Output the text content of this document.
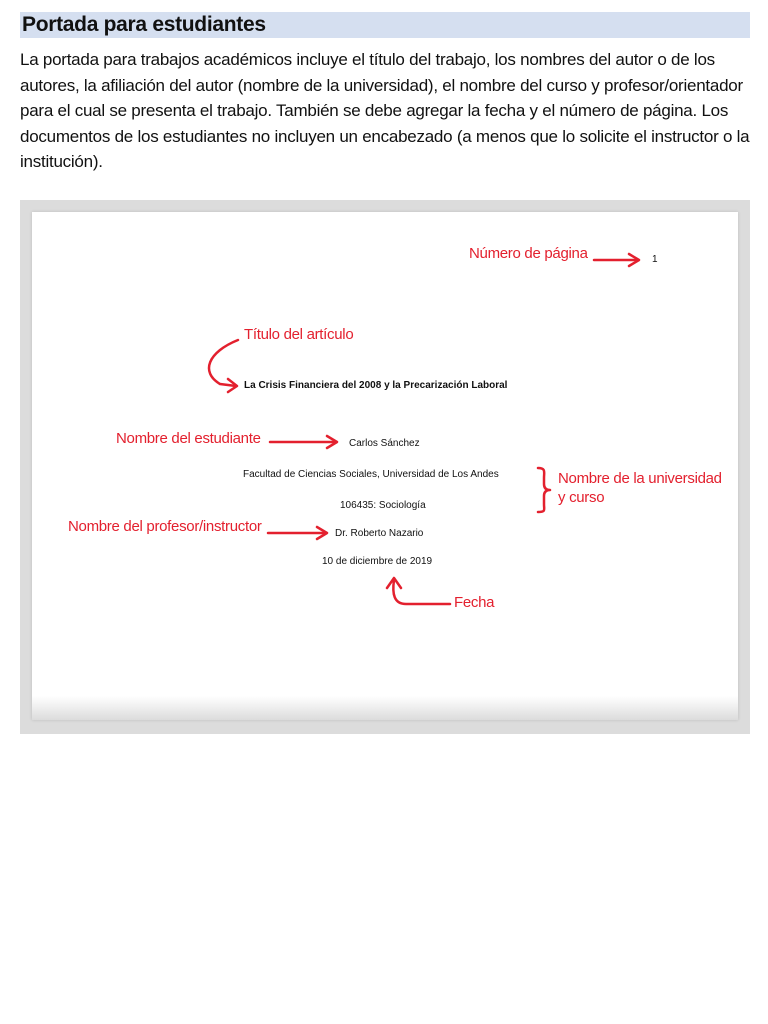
Portada para estudiantes
La portada para trabajos académicos incluye el título del trabajo, los nombres del autor o de los autores, la afiliación del autor (nombre de la universidad), el nombre del curso y profesor/orientador para el cual se presenta el trabajo. También se debe agregar la fecha y el número de página. Los documentos de los estudiantes no incluyen un encabezado (a menos que lo solicite el instructor o la institución).
1
La Crisis Financiera del 2008 y la Precarización Laboral
Carlos Sánchez
Facultad de Ciencias Sociales, Universidad de Los Andes
106435: Sociología
Dr. Roberto Nazario
10 de diciembre de 2019
Número de página
Título del artículo
Nombre del estudiante
Nombre de la universidad
y curso
Nombre del profesor/instructor
Fecha
